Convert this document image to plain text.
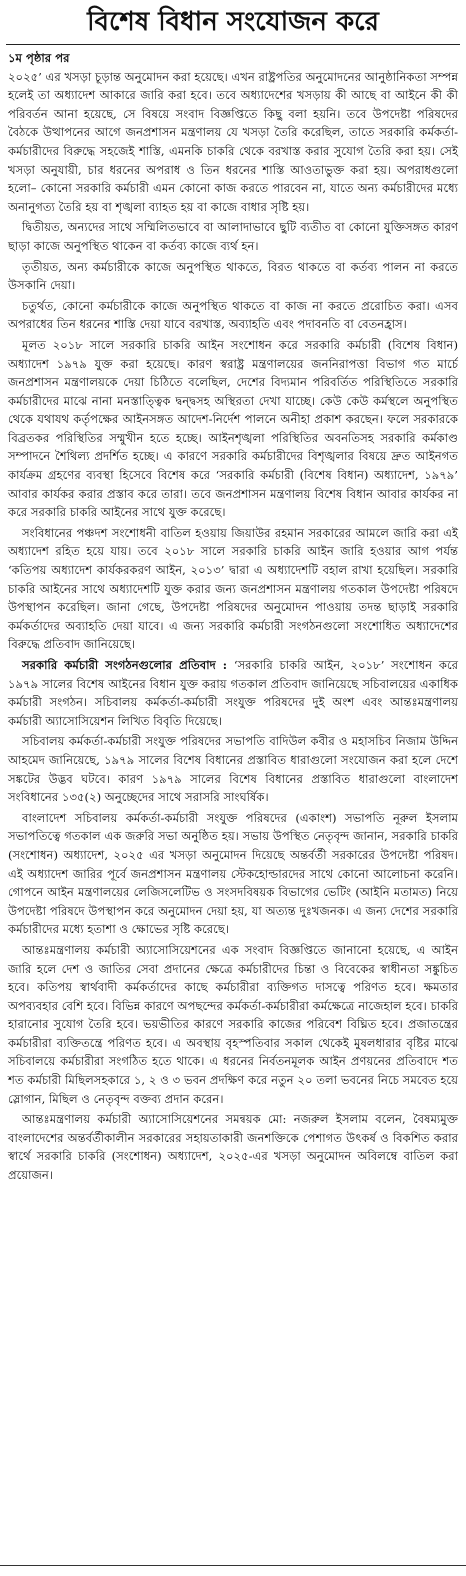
বিশেষ বিধান সংযোজন করে
১ম পৃষ্ঠার পর

২০২৫’ এর খসড়া চূড়ান্ত অনুমোদন করা হয়েছে। এখন রাষ্ট্রপতির অনুমোদনের আনুষ্ঠানিকতা সম্পন্ন হলেই তা অধ্যাদেশ আকারে জারি করা হবে। তবে অধ্যাদেশের খসড়ায় কী আছে বা আইনে কী কী পরিবর্তন আনা হয়েছে, সে বিষয়ে সংবাদ বিজ্ঞপ্তিতে কিছু বলা হয়নি। তবে উপদেষ্টা পরিষদের বৈঠকে উত্থাপনের আগে জনপ্রশাসন মন্ত্রণালয় যে খসড়া তৈরি করেছিল, তাতে সরকারি কর্মকর্তা-কর্মচারীদের বিরুদ্ধে সহজেই শাস্তি, এমনকি চাকরি থেকে বরখাস্ত করার সুযোগ তৈরি করা হয়। সেই খসড়া অনুযায়ী, চার ধরনের অপরাধ ও তিন ধরনের শাস্তি আওতাভুক্ত করা হয়। অপরাধগুলো হলো– কোনো সরকারি কর্মচারী এমন কোনো কাজ করতে পারবেন না, যাতে অন্য কর্মচারীদের মধ্যে অনানুগত্য তৈরি হয় বা শৃঙ্খলা ব্যাহত হয় বা কাজে বাধার সৃষ্টি হয়।

দ্বিতীয়ত, অন্যদের সাথে সম্মিলিতভাবে বা আলাদাভাবে ছুটি ব্যতীত বা কোনো যুক্তিসঙ্গত কারণ ছাড়া কাজে অনুপস্থিত থাকেন বা কর্তব্য কাজে ব্যর্থ হন।

তৃতীয়ত, অন্য কর্মচারীকে কাজে অনুপস্থিত থাকতে, বিরত থাকতে বা কর্তব্য পালন না করতে উসকানি দেয়া।

চতুর্থত, কোনো কর্মচারীকে কাজে অনুপস্থিত থাকতে বা কাজ না করতে প্ররোচিত করা। এসব অপরাধের তিন ধরনের শাস্তি দেয়া যাবে বরখাস্ত, অব্যাহতি এবং পদাবনতি বা বেতনহ্রাস।

মূলত ২০১৮ সালে সরকারি চাকরি আইন সংশোধন করে সরকারি কর্মচারী (বিশেষ বিধান) অধ্যাদেশ ১৯৭৯ যুক্ত করা হয়েছে। কারণ স্বরাষ্ট্র মন্ত্রণালয়ের জননিরাপত্তা বিভাগ গত মার্চে জনপ্রশাসন মন্ত্রণালয়কে দেয়া চিঠিতে বলেছিল, দেশের বিদ্যমান পরিবর্তিত পরিস্থিতিতে সরকারি কর্মচারীদের মাঝে নানা মনস্তাত্ত্বিক দ্বন্দ্বসহ অস্থিরতা দেখা যাচ্ছে। কেউ কেউ কর্মস্থলে অনুপস্থিত থেকে যথাযথ কর্তৃপক্ষের আইনসঙ্গত আদেশ-নির্দেশ পালনে অনীহা প্রকাশ করছেন। ফলে সরকারকে বিব্রতকর পরিস্থিতির সম্মুখীন হতে হচ্ছে। আইনশৃঙ্খলা পরিস্থিতির অবনতিসহ সরকারি কর্মকাণ্ড সম্পাদনে শৈথিল্য প্রদর্শিত হচ্ছে। এ কারণে সরকারি কর্মচারীদের বিশৃঙ্খলার বিষয়ে দ্রুত আইনগত কার্যক্রম গ্রহণের ব্যবস্থা হিসেবে বিশেষ করে ‘সরকারি কর্মচারী (বিশেষ বিধান) অধ্যাদেশ, ১৯৭৯’ আবার কার্যকর করার প্রস্তাব করে তারা। তবে জনপ্রশাসন মন্ত্রণালয় বিশেষ বিধান আবার কার্যকর না করে সরকারি চাকরি আইনের সাথে যুক্ত করেছে।

সংবিধানের পঞ্চদশ সংশোধনী বাতিল হওয়ায় জিয়াউর রহমান সরকারের আমলে জারি করা এই অধ্যাদেশ রহিত হয়ে যায়। তবে ২০১৮ সালে সরকারি চাকরি আইন জারি হওয়ার আগ পর্যন্ত ‘কতিপয় অধ্যাদেশ কার্যকরকরণ আইন, ২০১৩’ দ্বারা এ অধ্যাদেশটি বহাল রাখা হয়েছিল। সরকারি চাকরি আইনের সাথে অধ্যাদেশটি যুক্ত করার জন্য জনপ্রশাসন মন্ত্রণালয় গতকাল উপদেষ্টা পরিষদে উপস্থাপন করেছিল। জানা গেছে, উপদেষ্টা পরিষদের অনুমোদন পাওয়ায় তদন্ত ছাড়াই সরকারি কর্মকর্তাদের অব্যাহতি দেয়া যাবে। এ জন্য সরকারি কর্মচারী সংগঠনগুলো সংশোধিত অধ্যাদেশের বিরুদ্ধে প্রতিবাদ জানিয়েছে।

সরকারি কর্মচারী সংগঠনগুলোর প্রতিবাদ : ‘সরকারি চাকরি আইন, ২০১৮’ সংশোধন করে ১৯৭৯ সালের বিশেষ আইনের বিধান যুক্ত করায় গতকাল প্রতিবাদ জানিয়েছে সচিবালয়ের একাধিক কর্মচারী সংগঠন। সচিবালয় কর্মকর্তা-কর্মচারী সংযুক্ত পরিষদের দুই অংশ এবং আন্তঃমন্ত্রণালয় কর্মচারী অ্যাসোসিয়েশন লিখিত বিবৃতি দিয়েছে।

সচিবালয় কর্মকর্তা-কর্মচারী সংযুক্ত পরিষদের সভাপতি বাদিউল কবীর ও মহাসচিব নিজাম উদ্দিন আহমেদ জানিয়েছে, ১৯৭৯ সালের বিশেষ বিধানের প্রস্তাবিত ধারাগুলো সংযোজন করা হলে দেশে সঙ্কটের উদ্ভব ঘটবে। কারণ ১৯৭৯ সালের বিশেষ বিধানের প্রস্তাবিত ধারাগুলো বাংলাদেশ সংবিধানের ১৩৫(২) অনুচ্ছেদের সাথে সরাসরি সাংঘর্ষিক।

বাংলাদেশ সচিবালয় কর্মকর্তা-কর্মচারী সংযুক্ত পরিষদের (একাংশ) সভাপতি নূরুল ইসলাম সভাপতিত্বে গতকাল এক জরুরি সভা অনুষ্ঠিত হয়। সভায় উপস্থিত নেতৃবৃন্দ জানান, সরকারি চাকরি (সংশোধন) অধ্যাদেশ, ২০২৫ এর খসড়া অনুমোদন দিয়েছে অন্তর্বর্তী সরকারের উপদেষ্টা পরিষদ। এই অধ্যাদেশ জারির পূর্বে জনপ্রশাসন মন্ত্রণালয় স্টেকহোল্ডারদের সাথে কোনো আলোচনা করেনি। গোপনে আইন মন্ত্রণালয়ের লেজিসলেটিভ ও সংসদবিষয়ক বিভাগের ভেটিং (আইনি মতামত) নিয়ে উপদেষ্টা পরিষদে উপস্থাপন করে অনুমোদন দেয়া হয়, যা অত্যন্ত দুঃখজনক। এ জন্য দেশের সরকারি কর্মচারীদের মধ্যে হতাশা ও ক্ষোভের সৃষ্টি করেছে।

আন্তঃমন্ত্রণালয় কর্মচারী অ্যাসোসিয়েশনের এক সংবাদ বিজ্ঞপ্তিতে জানানো হয়েছে, এ আইন জারি হলে দেশ ও জাতির সেবা প্রদানের ক্ষেত্রে কর্মচারীদের চিন্তা ও বিবেকের স্বাধীনতা সঙ্কুচিত হবে। কতিপয় স্বার্থবাদী কর্মকর্তাদের কাছে কর্মচারীরা ব্যক্তিগত দাসত্বে পরিণত হবে। ক্ষমতার অপব্যবহার বেশি হবে। বিভিন্ন কারণে অপছন্দের কর্মকর্তা-কর্মচারীরা কর্মক্ষেত্রে নাজেহাল হবে। চাকরি হারানোর সুযোগ তৈরি হবে। ভয়ভীতির কারণে সরকারি কাজের পরিবেশ বিঘ্নিত হবে। প্রজাতন্ত্রের কর্মচারীরা ব্যক্তিতন্ত্রে পরিণত হবে। এ অবস্থায় বৃহস্পতিবার সকাল থেকেই মুষলধারার বৃষ্টির মাঝে সচিবালয়ে কর্মচারীরা সংগঠিত হতে থাকে। এ ধরনের নির্বতনমূলক আইন প্রণয়নের প্রতিবাদে শত শত কর্মচারী মিছিলসহকারে ১, ২ ও ৩ ভবন প্রদক্ষিণ করে নতুন ২০ তলা ভবনের নিচে সমবেত হয়ে স্লোগান, মিছিল ও নেতৃবৃন্দ বক্তব্য প্রদান করেন।

আন্তঃমন্ত্রণালয় কর্মচারী অ্যাসোসিয়েশনের সমন্বয়ক মো: নজরুল ইসলাম বলেন, বৈষম্যমুক্ত বাংলাদেশের অন্তর্বর্তীকালীন সরকারের সহায়তাকারী জনশক্তিকে পেশাগত উৎকর্ষ ও বিকশিত করার স্বার্থে সরকারি চাকরি (সংশোধন) অধ্যাদেশ, ২০২৫-এর খসড়া অনুমোদন অবিলম্বে বাতিল করা প্রয়োজন।
